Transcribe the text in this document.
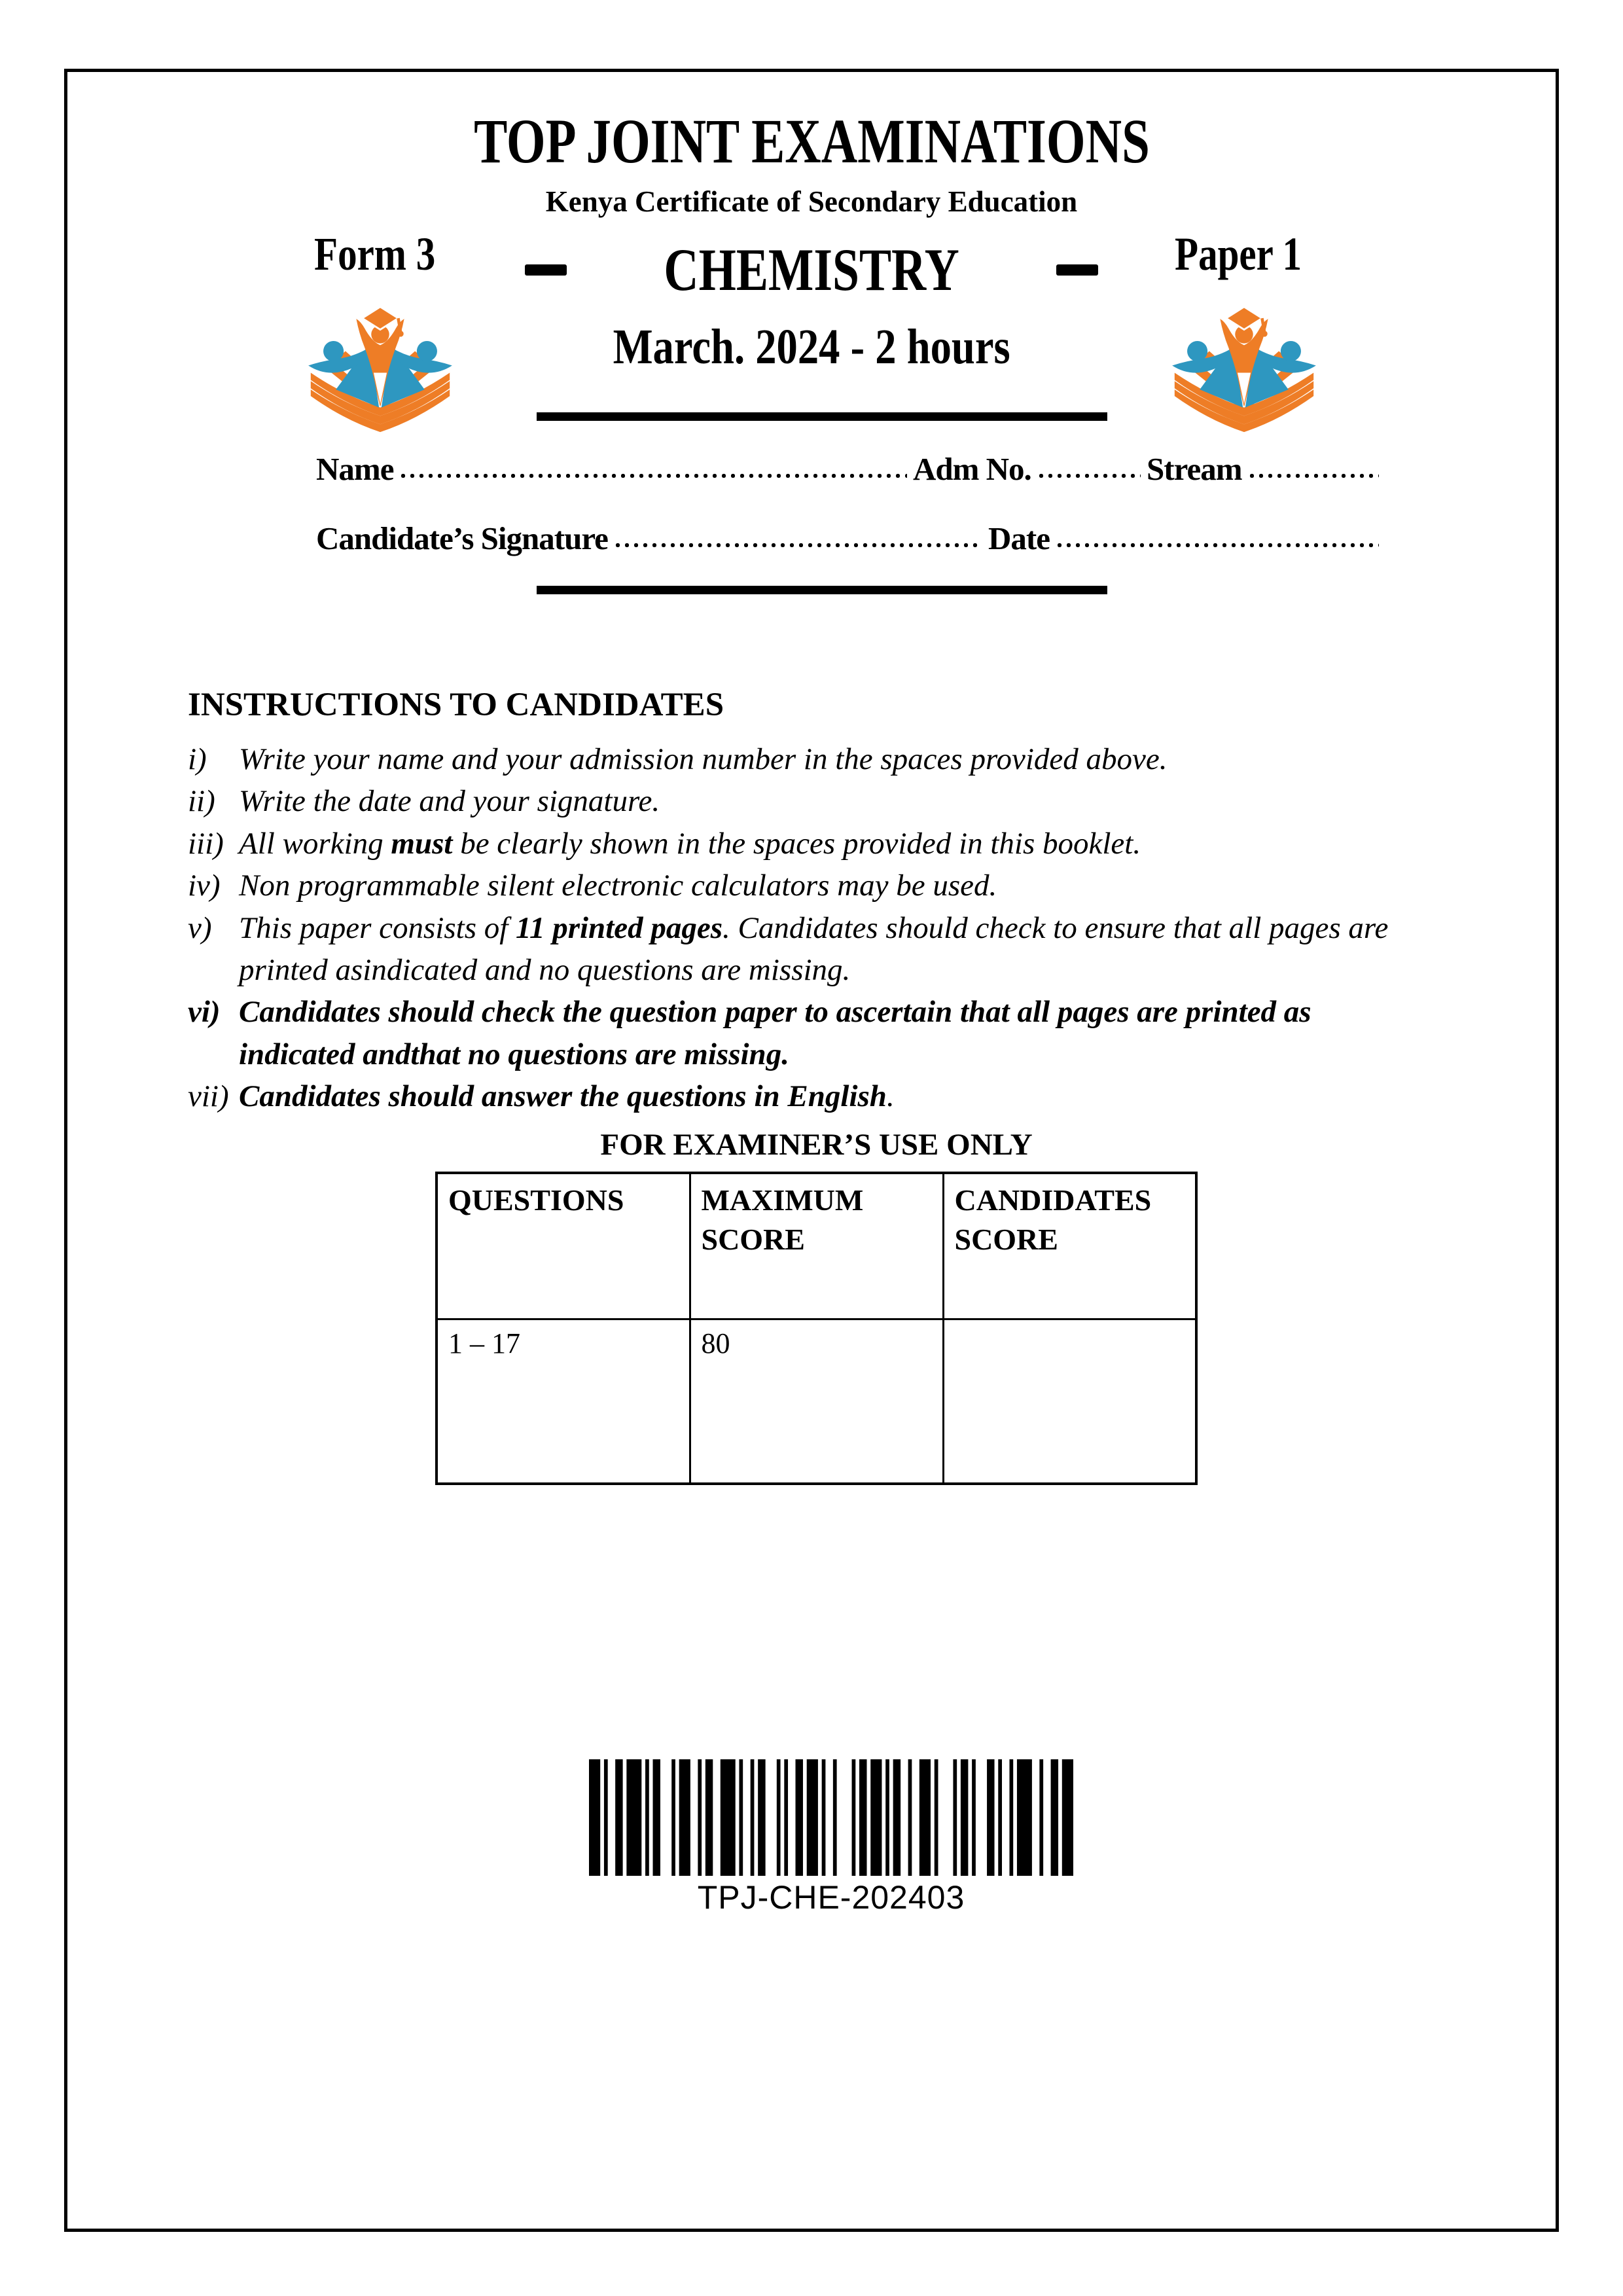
TOP JOINT EXAMINATIONS
Kenya Certificate of Secondary Education
Form 3	CHEMISTRY	Paper 1
March. 2024 - 2 hours
Name	Adm No.	Stream
Candidate’s Signature	Date
INSTRUCTIONS TO CANDIDATES
i)	Write your name and your admission number in the spaces provided above.
ii) Write the date and your signature.
iii) All working must be clearly shown in the spaces provided in this booklet.
iv) Non programmable silent electronic calculators may be used.
v) This paper consists of 11 printed pages. Candidates should check to ensure that all pages are printed asindicated and no questions are missing.
vi) Candidates should check the question paper to ascertain that all pages are printed as indicated andthat no questions are missing.
vii) Candidates should answer the questions in English.
FOR EXAMINER’S USE ONLY
QUESTIONS	MAXIMUM SCORE	CANDIDATES SCORE
1 – 17	80	
TPJ-CHE-202403
